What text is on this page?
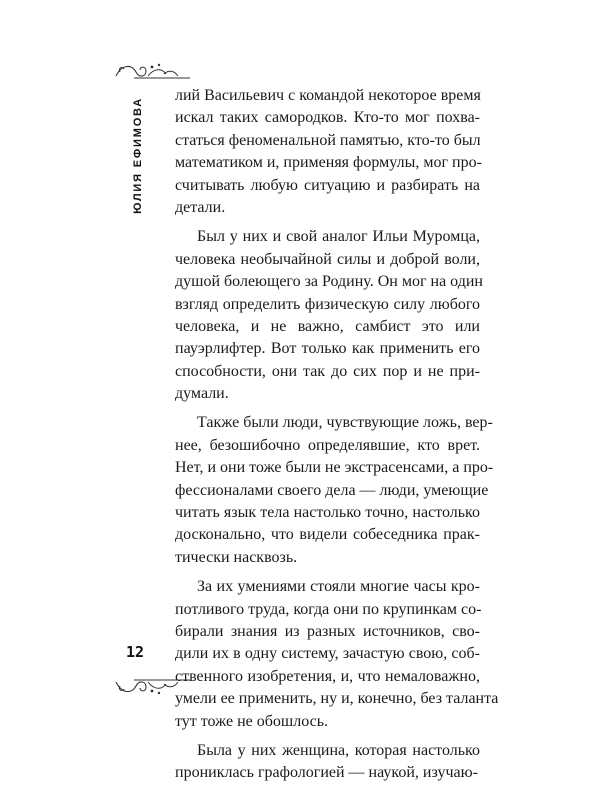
ЮЛИЯ ЕФИМОВА
лий Васильевич с командой некоторое время
искал таких самородков. Кто-то мог похва-
статься феноменальной памятью, кто-то был
математиком и, применяя формулы, мог про-
считывать любую ситуацию и разбирать на
детали.
Был у них и свой аналог Ильи Муромца,
человека необычайной силы и доброй воли,
душой болеющего за Родину. Он мог на один
взгляд определить физическую силу любого
человека, и не важно, самбист это или
пауэрлифтер. Вот только как применить его
способности, они так до сих пор и не при-
думали.
Также были люди, чувствующие ложь, вер-
нее, безошибочно определявшие, кто врет.
Нет, и они тоже были не экстрасенсами, а про-
фессионалами своего дела — люди, умеющие
читать язык тела настолько точно, настолько
досконально, что видели собеседника прак-
тически насквозь.
За их умениями стояли многие часы кро-
потливого труда, когда они по крупинкам со-
бирали знания из разных источников, сво-
дили их в одну систему, зачастую свою, соб-
ственного изобретения, и, что немаловажно,
умели ее применить, ну и, конечно, без таланта
тут тоже не обошлось.
Была у них женщина, которая настолько
прониклась графологией — наукой, изучаю-
12
